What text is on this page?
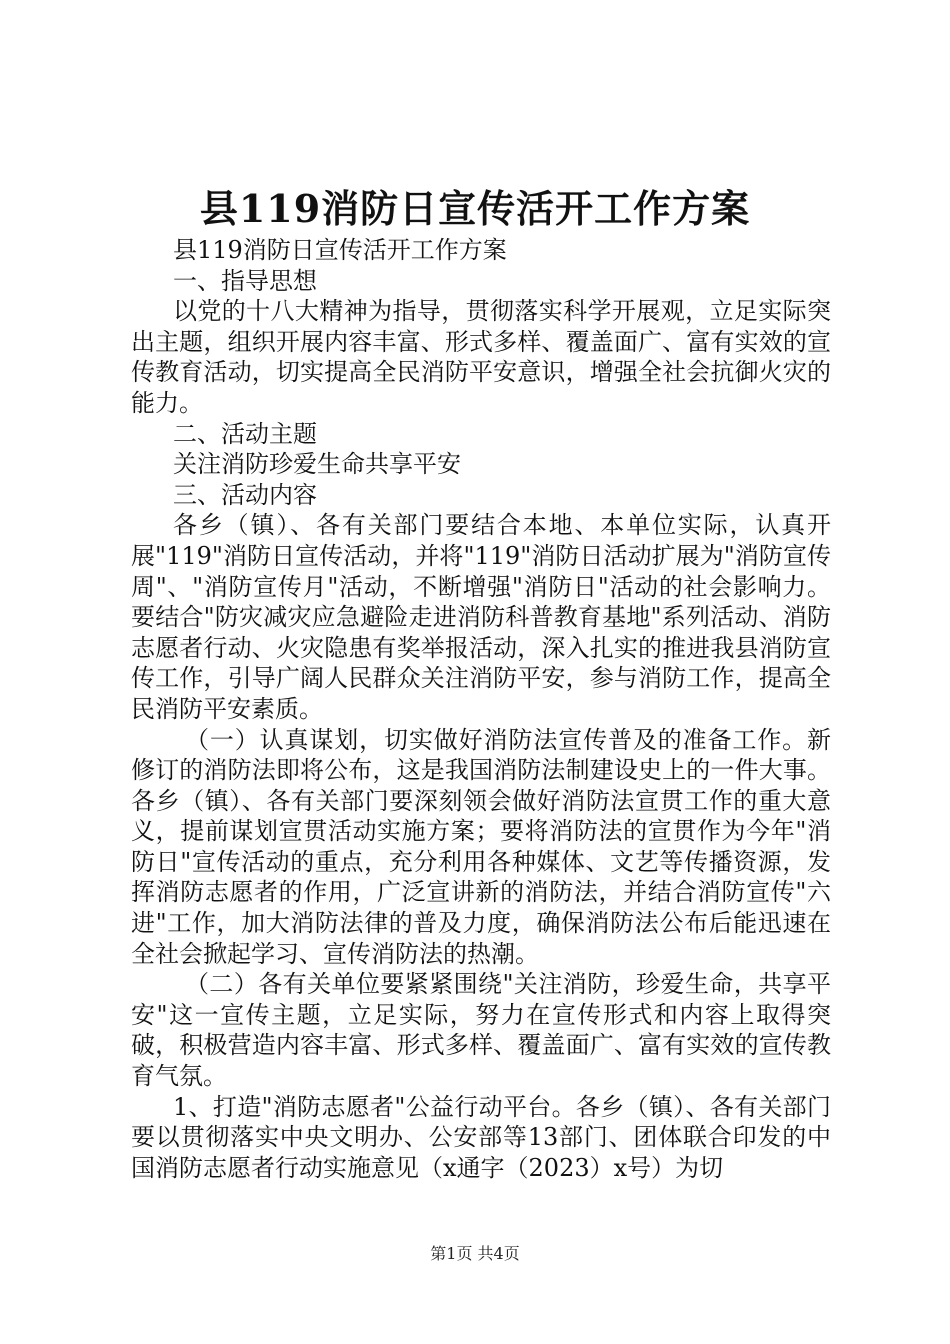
县119消防日宣传活开工作方案

县119消防日宣传活开工作方案

一、指导思想

以党的十八大精神为指导，贯彻落实科学开展观，立足实际突出主题，组织开展内容丰富、形式多样、覆盖面广、富有实效的宣传教育活动，切实提高全民消防平安意识，增强全社会抗御火灾的能力。

二、活动主题

关注消防珍爱生命共享平安

三、活动内容

各乡（镇）、各有关部门要结合本地、本单位实际，认真开展"119"消防日宣传活动，并将"119"消防日活动扩展为"消防宣传周"、"消防宣传月"活动，不断增强"消防日"活动的社会影响力。要结合"防灾减灾应急避险走进消防科普教育基地"系列活动、消防志愿者行动、火灾隐患有奖举报活动，深入扎实的推进我县消防宣传工作，引导广阔人民群众关注消防平安，参与消防工作，提高全民消防平安素质。

（一）认真谋划，切实做好消防法宣传普及的准备工作。新修订的消防法即将公布，这是我国消防法制建设史上的一件大事。各乡（镇）、各有关部门要深刻领会做好消防法宣贯工作的重大意义，提前谋划宣贯活动实施方案；要将消防法的宣贯作为今年"消防日"宣传活动的重点，充分利用各种媒体、文艺等传播资源，发挥消防志愿者的作用，广泛宣讲新的消防法，并结合消防宣传"六进"工作，加大消防法律的普及力度，确保消防法公布后能迅速在全社会掀起学习、宣传消防法的热潮。

（二）各有关单位要紧紧围绕"关注消防，珍爱生命，共享平安"这一宣传主题，立足实际，努力在宣传形式和内容上取得突破，积极营造内容丰富、形式多样、覆盖面广、富有实效的宣传教育气氛。

1、打造"消防志愿者"公益行动平台。各乡（镇）、各有关部门要以贯彻落实中央文明办、公安部等13部门、团体联合印发的中国消防志愿者行动实施意见（x通字（2023）x号）为切

第1页 共4页
